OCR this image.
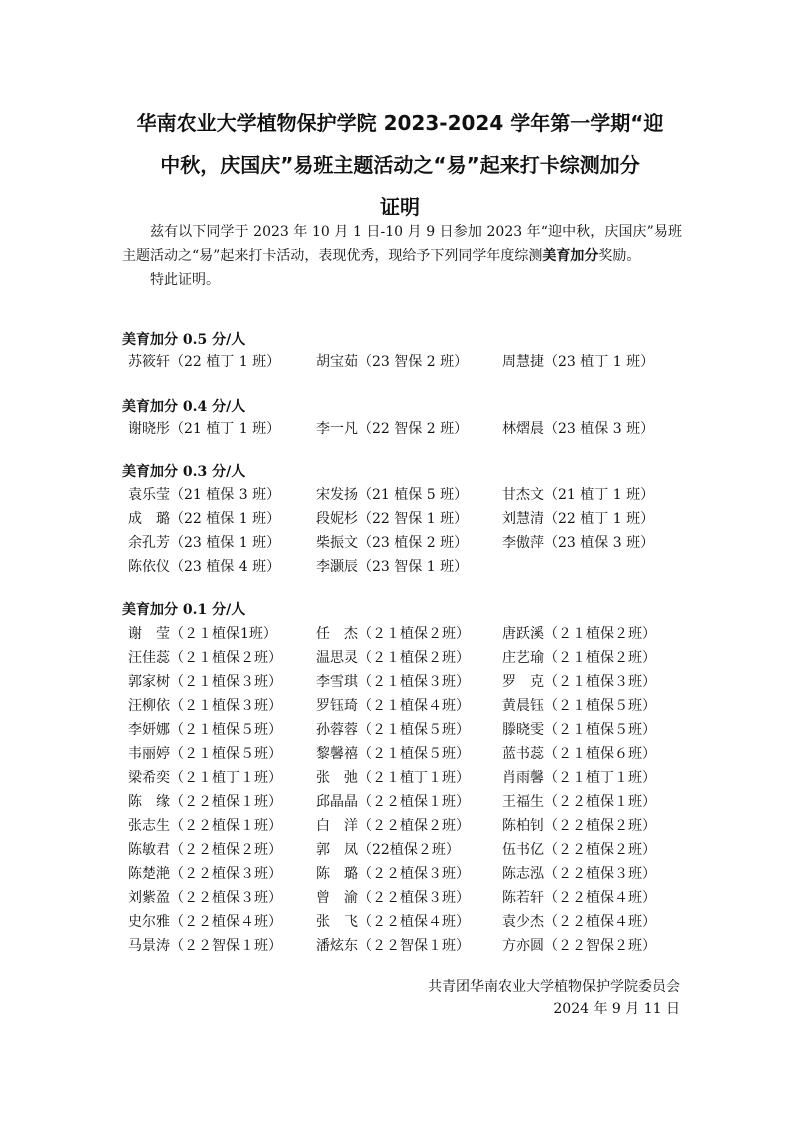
华南农业大学植物保护学院 2023-2024 学年第一学期“迎
中秋，庆国庆”易班主题活动之“易”起来打卡综测加分
证明

兹有以下同学于 2023 年 10 月 1 日-10 月 9 日参加 2023 年“迎中秋，庆国庆”易班主题活动之“易”起来打卡活动，表现优秀，现给予下列同学年度综测美育加分奖励。

特此证明。

美育加分 0.5 分/人
苏筱轩（22 植丁 1 班）	胡宝茹（23 智保 2 班） 周慧捷（23 植丁 1 班）
美育加分 0.4 分/人
谢晓彤（21 植丁 1 班）	李一凡（22 智保 2 班） 林熠晨（23 植保 3 班）
美育加分 0.3 分/人
袁乐莹（21 植保 3 班）	宋发扬（21 植保 5 班） 甘杰文（21 植丁 1 班）
成　璐（22 植保 1 班）	段妮杉（22 智保 1 班） 刘慧清（22 植丁 1 班）
余孔芳（23 植保 1 班）	柴振文（23 植保 2 班） 李傲萍（23 植保 3 班）
陈依仪（23 植保 4 班）	李灏辰（23 智保 1 班）
美育加分 0.1 分/人
谢　莹（２１植保1班）	任　杰（２１植保２班） 唐跃溪（２１植保２班）
汪佳蕊（２１植保２班） 温思灵（２１植保２班） 庄艺瑜（２１植保２班）
郭家树（２１植保３班） 李雪琪（２１植保３班） 罗　克（２１植保３班）
汪柳依（２１植保３班） 罗钰琦（２１植保４班） 黄晨钰（２１植保５班）
李妍娜（２１植保５班） 孙蓉蓉（２１植保５班） 滕晓雯（２１植保５班）
韦丽婷（２１植保５班） 黎馨禧（２１植保５班） 蓝书蕊（２１植保６班）
梁希奕（２１植丁１班） 张　弛（２１植丁１班） 肖雨馨（２１植丁１班）
陈　缘（２２植保１班） 邱晶晶（２２植保１班） 王福生（２２植保１班）
张志生（２２植保１班） 白　洋（２２植保２班） 陈柏钊（２２植保２班）
陈敏君（２２植保２班） 郭　凤（22植保２班）	伍书亿（２２植保２班）
陈楚滟（２２植保３班） 陈　璐（２２植保３班） 陈志泓（２２植保３班）
刘紫盈（２２植保３班） 曾　渝（２２植保３班） 陈若轩（２２植保４班）
史尔雅（２２植保４班） 张　飞（２２植保４班） 袁少杰（２２植保４班）
马景涛（２２智保１班） 潘炫东（２２智保１班） 方亦圆（２２智保２班）
共青团华南农业大学植物保护学院委员会
2024 年 9 月 11 日
